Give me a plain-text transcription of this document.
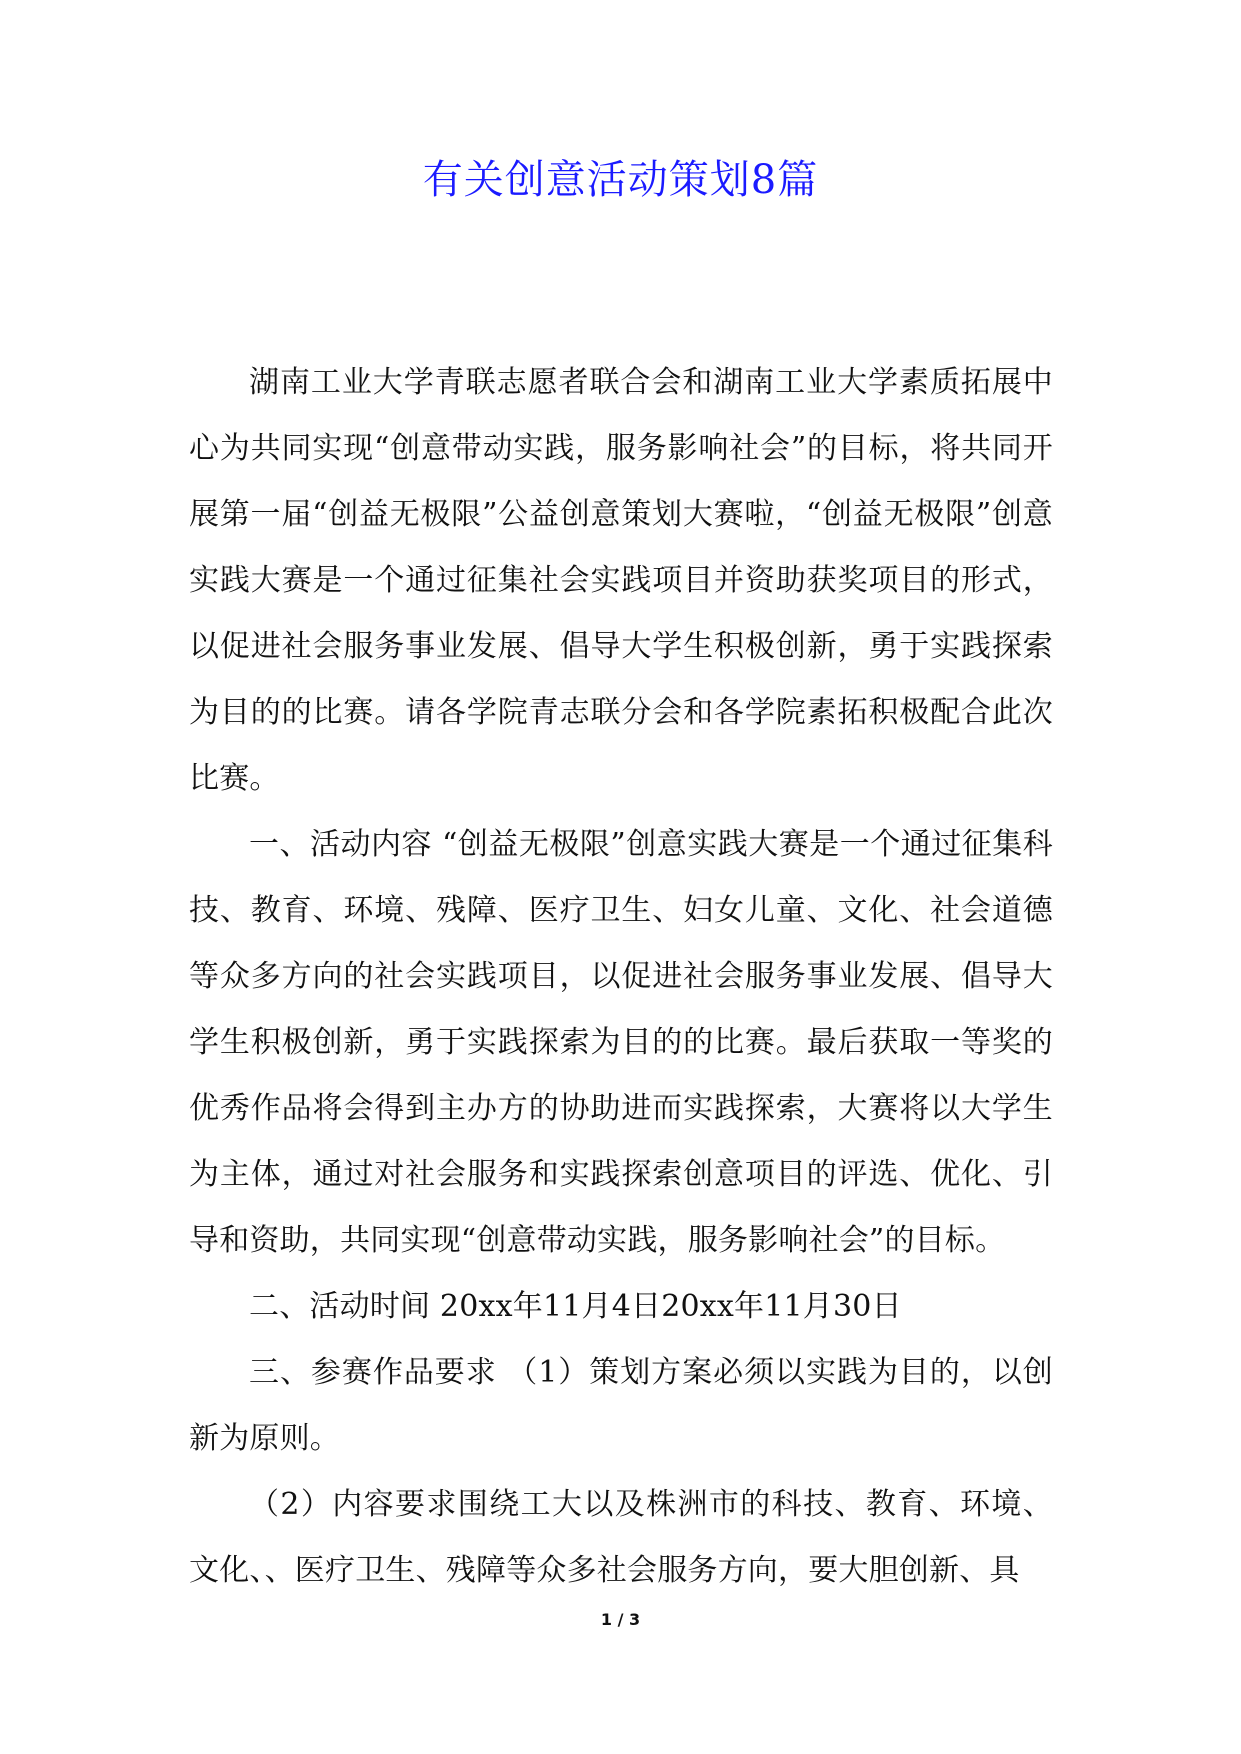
有关创意活动策划8篇

湖南工业大学青联志愿者联合会和湖南工业大学素质拓展中心为共同实现“创意带动实践，服务影响社会”的目标，将共同开展第一届“创益无极限”公益创意策划大赛啦，“创益无极限”创意实践大赛是一个通过征集社会实践项目并资助获奖项目的形式，以促进社会服务事业发展、倡导大学生积极创新，勇于实践探索为目的的比赛。请各学院青志联分会和各学院素拓积极配合此次比赛。

一、活动内容 “创益无极限”创意实践大赛是一个通过征集科技、教育、环境、残障、医疗卫生、妇女儿童、文化、社会道德等众多方向的社会实践项目，以促进社会服务事业发展、倡导大学生积极创新，勇于实践探索为目的的比赛。最后获取一等奖的优秀作品将会得到主办方的协助进而实践探索，大赛将以大学生为主体，通过对社会服务和实践探索创意项目的评选、优化、引导和资助，共同实现“创意带动实践，服务影响社会”的目标。

二、活动时间 20xx年11月4日20xx年11月30日

三、参赛作品要求 （1）策划方案必须以实践为目的，以创新为原则。

（2）内容要求围绕工大以及株洲市的科技、教育、环境、文化、、医疗卫生、残障等众多社会服务方向，要大胆创新、具

1 / 3
